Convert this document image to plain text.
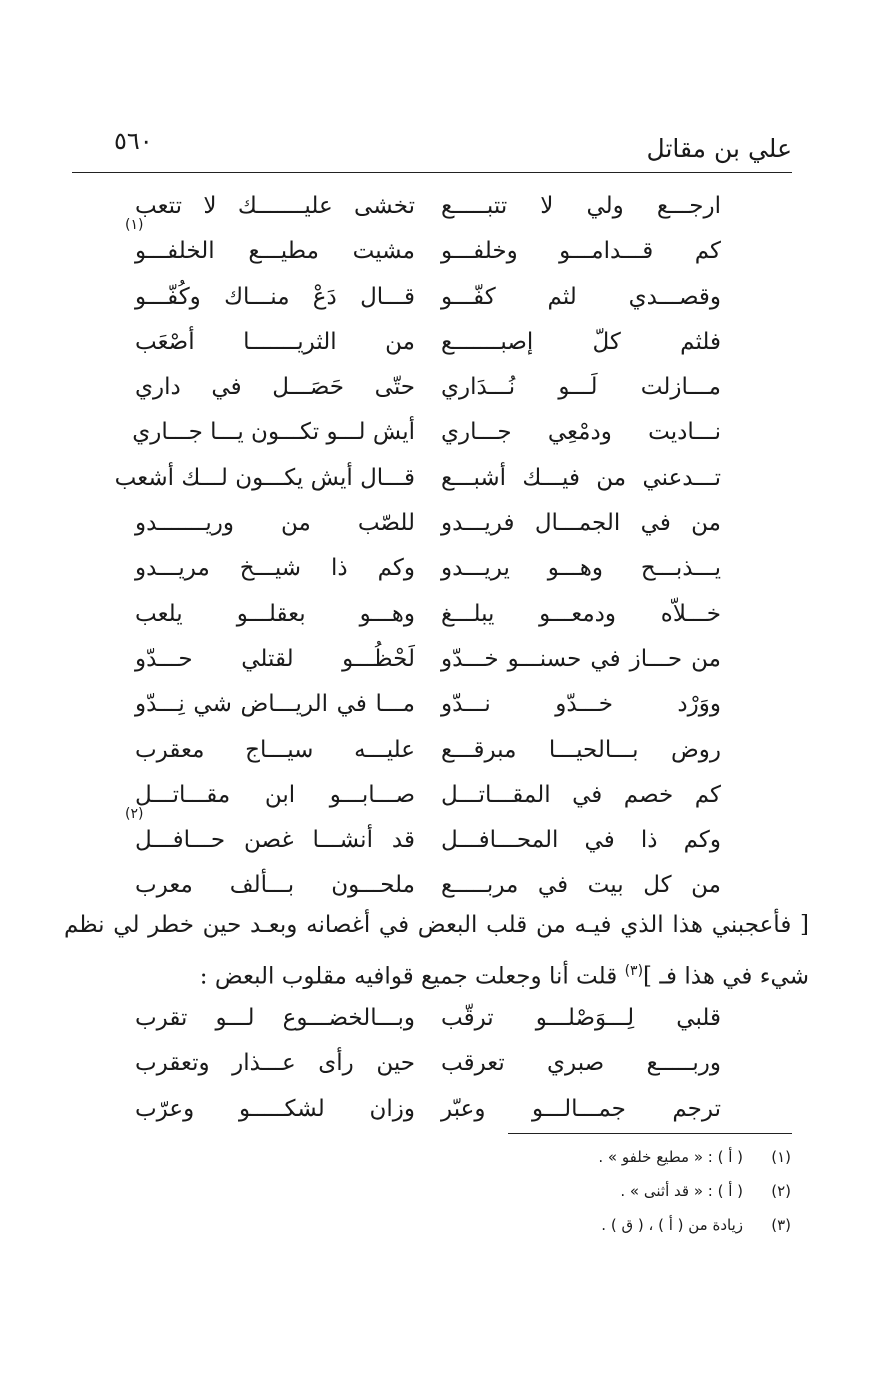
علي بن مقاتل
٥٦٠
ارجـــع ولي لا تتبـــــع
تخشى عليـــــــك لا تتعب
كم قـــدامـــو وخلفـــو
مشيت مطيـــع الخلفـــو
(١)
وقصـــدي لثم كفّـــو
قـــال دَعْ منـــاك وكُفّـــو
فلثم كلّ إصبـــــــع
من الثريـــــــا أصْعَب
مـــازلت لَـــو نُـــدَاري
حتّى حَصَـــل في داري
نـــاديت ودمْعِي جـــاري
أيش لـــو تكـــون يـــا جـــاري
تـــدعني من فيـــك أشبـــع
قـــال أيش يكـــون لـــك أشعب
من في الجمـــال فريـــدو
للصّب من وريـــــــدو
يـــذبـــح وهـــو يريـــدو
وكم ذا شيـــخ مريـــدو
خـــلاّه ودمعـــو يبلـــغ
وهـــو بعقلـــو يلعب
من حـــاز في حسنـــو خـــدّو
لَحْظُـــو لقتلي حـــدّو
ووَرْد خـــدّو نـــدّو
مـــا في الريـــاض شي نِـــدّو
روض بـــالحيـــا مبرقـــع
عليـــه سيـــاج معقرب
كم خصم في المقـــاتـــل
صـــابـــو ابن مقـــاتـــل
وكم ذا في المحـــافـــل
قد أنشـــا غصن حـــافـــل
(٢)
من كل بيت في مربـــــع
ملحـــون بـــألف معرب

[ فأعجبني هذا الذي فيـه من قلب البعض في أغصانه وبعـد حين خطر لي نظم

شيء في هذا فـ ]$^{(٣)}$ قلت أنا وجعلت جميع قوافيه مقلوب البعض :

قلبي لِـــوَصْلـــو ترقّب
وبـــالخضـــوع لـــو تقرب
وربـــــع صبري تعرقب
حين رأى عـــذار وتعقرب
ترجم جمـــالـــو وعبّر
وزان لشكـــــو وعرّب
(١)
( أ ) : « مطيع خلفو » .
(٢)
( أ ) : « قد أثنى » .
(٣)
زيادة من ( أ ) ، ( ق ) .
